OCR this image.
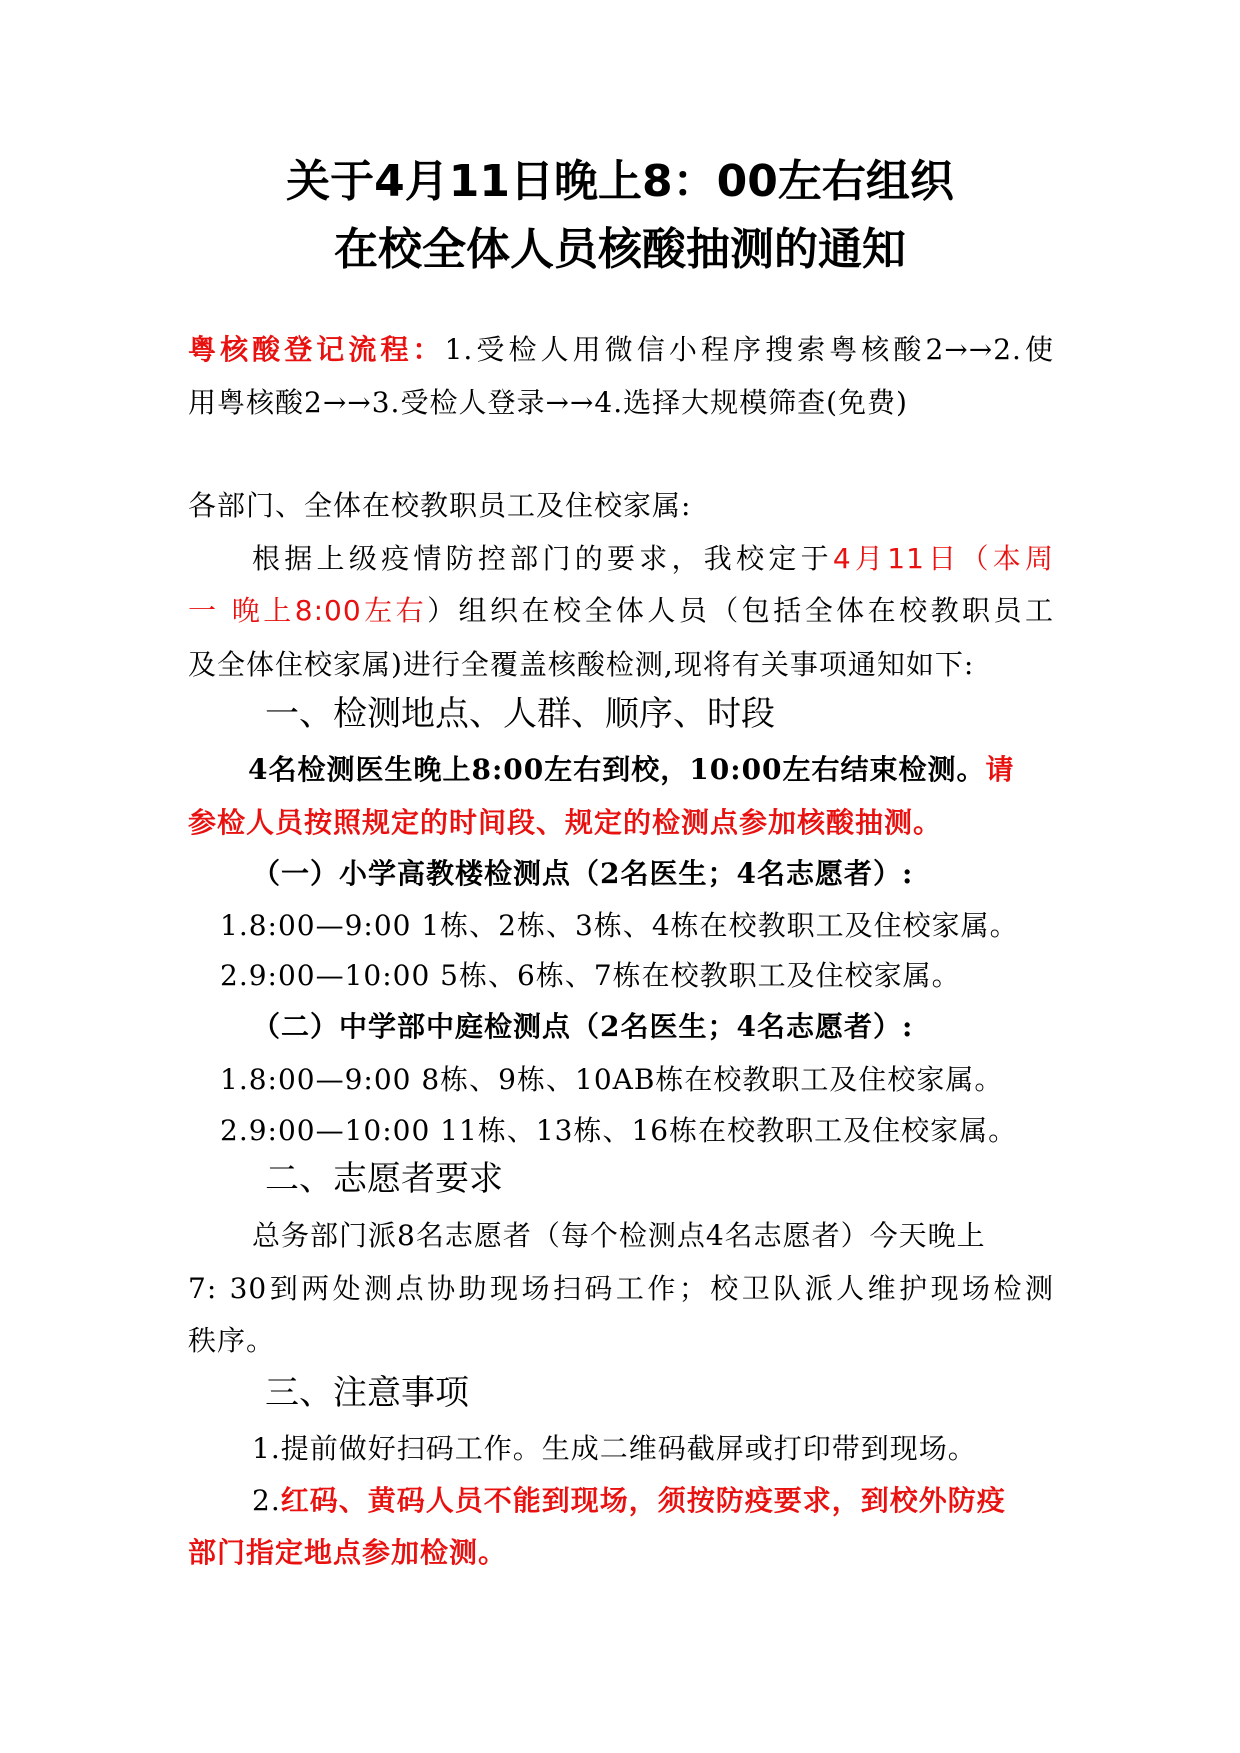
关于4月11日晚上8：00左右组织
在校全体人员核酸抽测的通知
粤核酸登记流程：1.受检人用微信小程序搜索粤核酸2→→2.使
用粤核酸2→→3.受检人登录→→4.选择大规模筛查(免费)
各部门、全体在校教职员工及住校家属:
根据上级疫情防控部门的要求，我校定于4月11日（本周
一 晚上8:00左右）组织在校全体人员（包括全体在校教职员工
及全体住校家属)进行全覆盖核酸检测,现将有关事项通知如下:
一、检测地点、人群、顺序、时段
4名检测医生晚上8:00左右到校，10:00左右结束检测。请
参检人员按照规定的时间段、规定的检测点参加核酸抽测。
（一）小学高教楼检测点（2名医生；4名志愿者）:
1.8:00—9:00 1栋、2栋、3栋、4栋在校教职工及住校家属。
2.9:00—10:00 5栋、6栋、7栋在校教职工及住校家属。
（二）中学部中庭检测点（2名医生；4名志愿者）:
1.8:00—9:00 8栋、9栋、10AB栋在校教职工及住校家属。
2.9:00—10:00 11栋、13栋、16栋在校教职工及住校家属。
二、志愿者要求
总务部门派8名志愿者（每个检测点4名志愿者）今天晚上
7: 30到两处测点协助现场扫码工作；校卫队派人维护现场检测
秩序。
三、注意事项
1.提前做好扫码工作。生成二维码截屏或打印带到现场。
2.红码、黄码人员不能到现场，须按防疫要求，到校外防疫
部门指定地点参加检测。
